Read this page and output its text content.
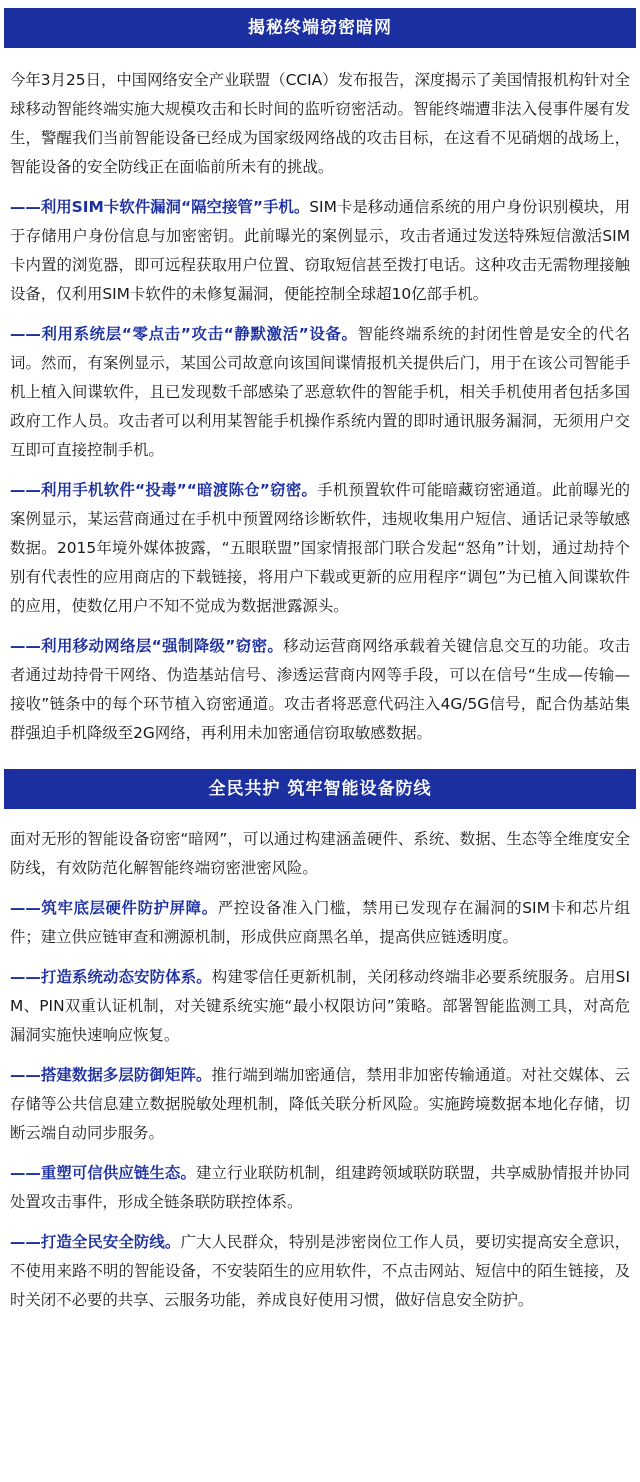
揭秘终端窃密暗网

今年3月25日，中国网络安全产业联盟（CCIA）发布报告，深度揭示了美国情报机构针对全球移动智能终端实施大规模攻击和长时间的监听窃密活动。智能终端遭非法入侵事件屡有发生，警醒我们当前智能设备已经成为国家级网络战的攻击目标，在这看不见硝烟的战场上，智能设备的安全防线正在面临前所未有的挑战。

——利用SIM卡软件漏洞“隔空接管”手机。SIM卡是移动通信系统的用户身份识别模块，用于存储用户身份信息与加密密钥。此前曝光的案例显示，攻击者通过发送特殊短信激活SIM卡内置的浏览器，即可远程获取用户位置、窃取短信甚至拨打电话。这种攻击无需物理接触设备，仅利用SIM卡软件的未修复漏洞，便能控制全球超10亿部手机。

——利用系统层“零点击”攻击“静默激活”设备。智能终端系统的封闭性曾是安全的代名词。然而，有案例显示，某国公司故意向该国间谍情报机关提供后门，用于在该公司智能手机上植入间谍软件，且已发现数千部感染了恶意软件的智能手机，相关手机使用者包括多国政府工作人员。攻击者可以利用某智能手机操作系统内置的即时通讯服务漏洞，无须用户交互即可直接控制手机。

——利用手机软件“投毒”“暗渡陈仓”窃密。手机预置软件可能暗藏窃密通道。此前曝光的案例显示，某运营商通过在手机中预置网络诊断软件，违规收集用户短信、通话记录等敏感数据。2015年境外媒体披露，“五眼联盟”国家情报部门联合发起“怒角”计划，通过劫持个别有代表性的应用商店的下载链接，将用户下载或更新的应用程序“调包”为已植入间谍软件的应用，使数亿用户不知不觉成为数据泄露源头。

——利用移动网络层“强制降级”窃密。移动运营商网络承载着关键信息交互的功能。攻击者通过劫持骨干网络、伪造基站信号、渗透运营商内网等手段，可以在信号“生成—传输—接收”链条中的每个环节植入窃密通道。攻击者将恶意代码注入4G/5G信号，配合伪基站集群强迫手机降级至2G网络，再利用未加密通信窃取敏感数据。

全民共护 筑牢智能设备防线

面对无形的智能设备窃密“暗网”，可以通过构建涵盖硬件、系统、数据、生态等全维度安全防线，有效防范化解智能终端窃密泄密风险。

——筑牢底层硬件防护屏障。严控设备准入门槛，禁用已发现存在漏洞的SIM卡和芯片组件；建立供应链审查和溯源机制，形成供应商黑名单，提高供应链透明度。

——打造系统动态安防体系。构建零信任更新机制，关闭移动终端非必要系统服务。启用SIM、PIN双重认证机制，对关键系统实施“最小权限访问”策略。部署智能监测工具，对高危漏洞实施快速响应恢复。

——搭建数据多层防御矩阵。推行端到端加密通信，禁用非加密传输通道。对社交媒体、云存储等公共信息建立数据脱敏处理机制，降低关联分析风险。实施跨境数据本地化存储，切断云端自动同步服务。

——重塑可信供应链生态。建立行业联防机制，组建跨领域联防联盟，共享威胁情报并协同处置攻击事件，形成全链条联防联控体系。

——打造全民安全防线。广大人民群众，特别是涉密岗位工作人员，要切实提高安全意识，不使用来路不明的智能设备，不安装陌生的应用软件，不点击网站、短信中的陌生链接，及时关闭不必要的共享、云服务功能，养成良好使用习惯，做好信息安全防护。
